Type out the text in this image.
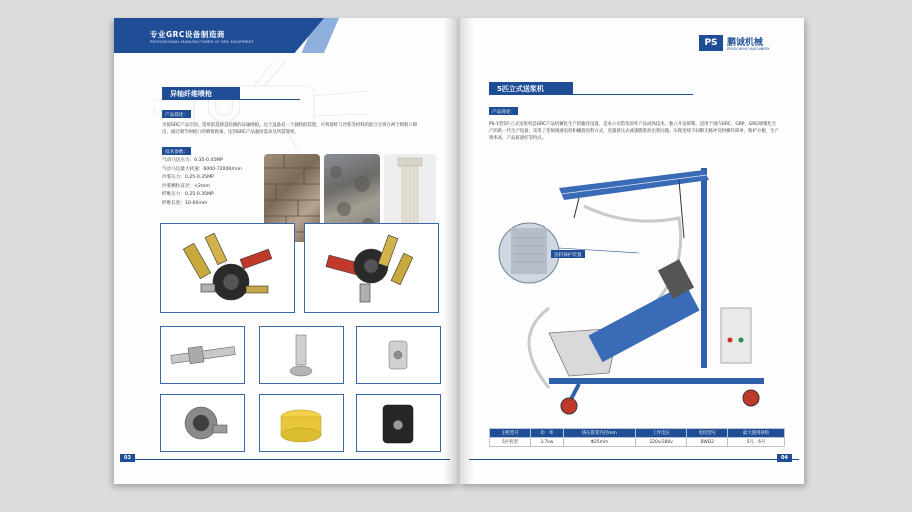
专业GRC设备制造商
PROFESSIONAL MANUFACTURER OF GRC EQUIPMENT
异轴纤维喷枪
产品简述：
为使GRC产品牢固，常用的选择是轻便的异轴喷枪。这个设备有一个独特的装置，可将玻纤与沙浆等材料的混合分别在两个喷射口喷出，通过调节两枪口的喷射距离，达到GRC产品强度需求及所需效果。
技术参数：
气动马达压力：0.35-0.45MP
气动马达最大转速：6000-7200R/min
沙浆压力：0.25-0.35MP
沙浆颗粒直径：<2mm
纤维压力：0.25-0.35MP
纤维长度：10-60mm
03
PS	鹏诚机械
PENGCHENG MACHINERY
5匹立式送浆机
产品简述：
PS-1型5匹立式送浆机是GRC产品机械化生产的输送设备，是本公司借鉴国外产品成熟技术，独立开发研制，适用于国内GRC、GRP、GRG规模化生产的新一代生产设备，采用了变频调速电机和螺旋送料方式，克服挤压式或速膜浆泥出浆问题。实现连续不间断无脉冲送料操作简单，维护方便，生产效率高，产品质量好等特点。
送料保护装置
主机型号	功　率	挤压胶管内径mm	工作电压	电机型号	最大使用砂粒
5匹机型	3.7kw	Φ25mm	220v/380v	BWD2	5号、6号
04
